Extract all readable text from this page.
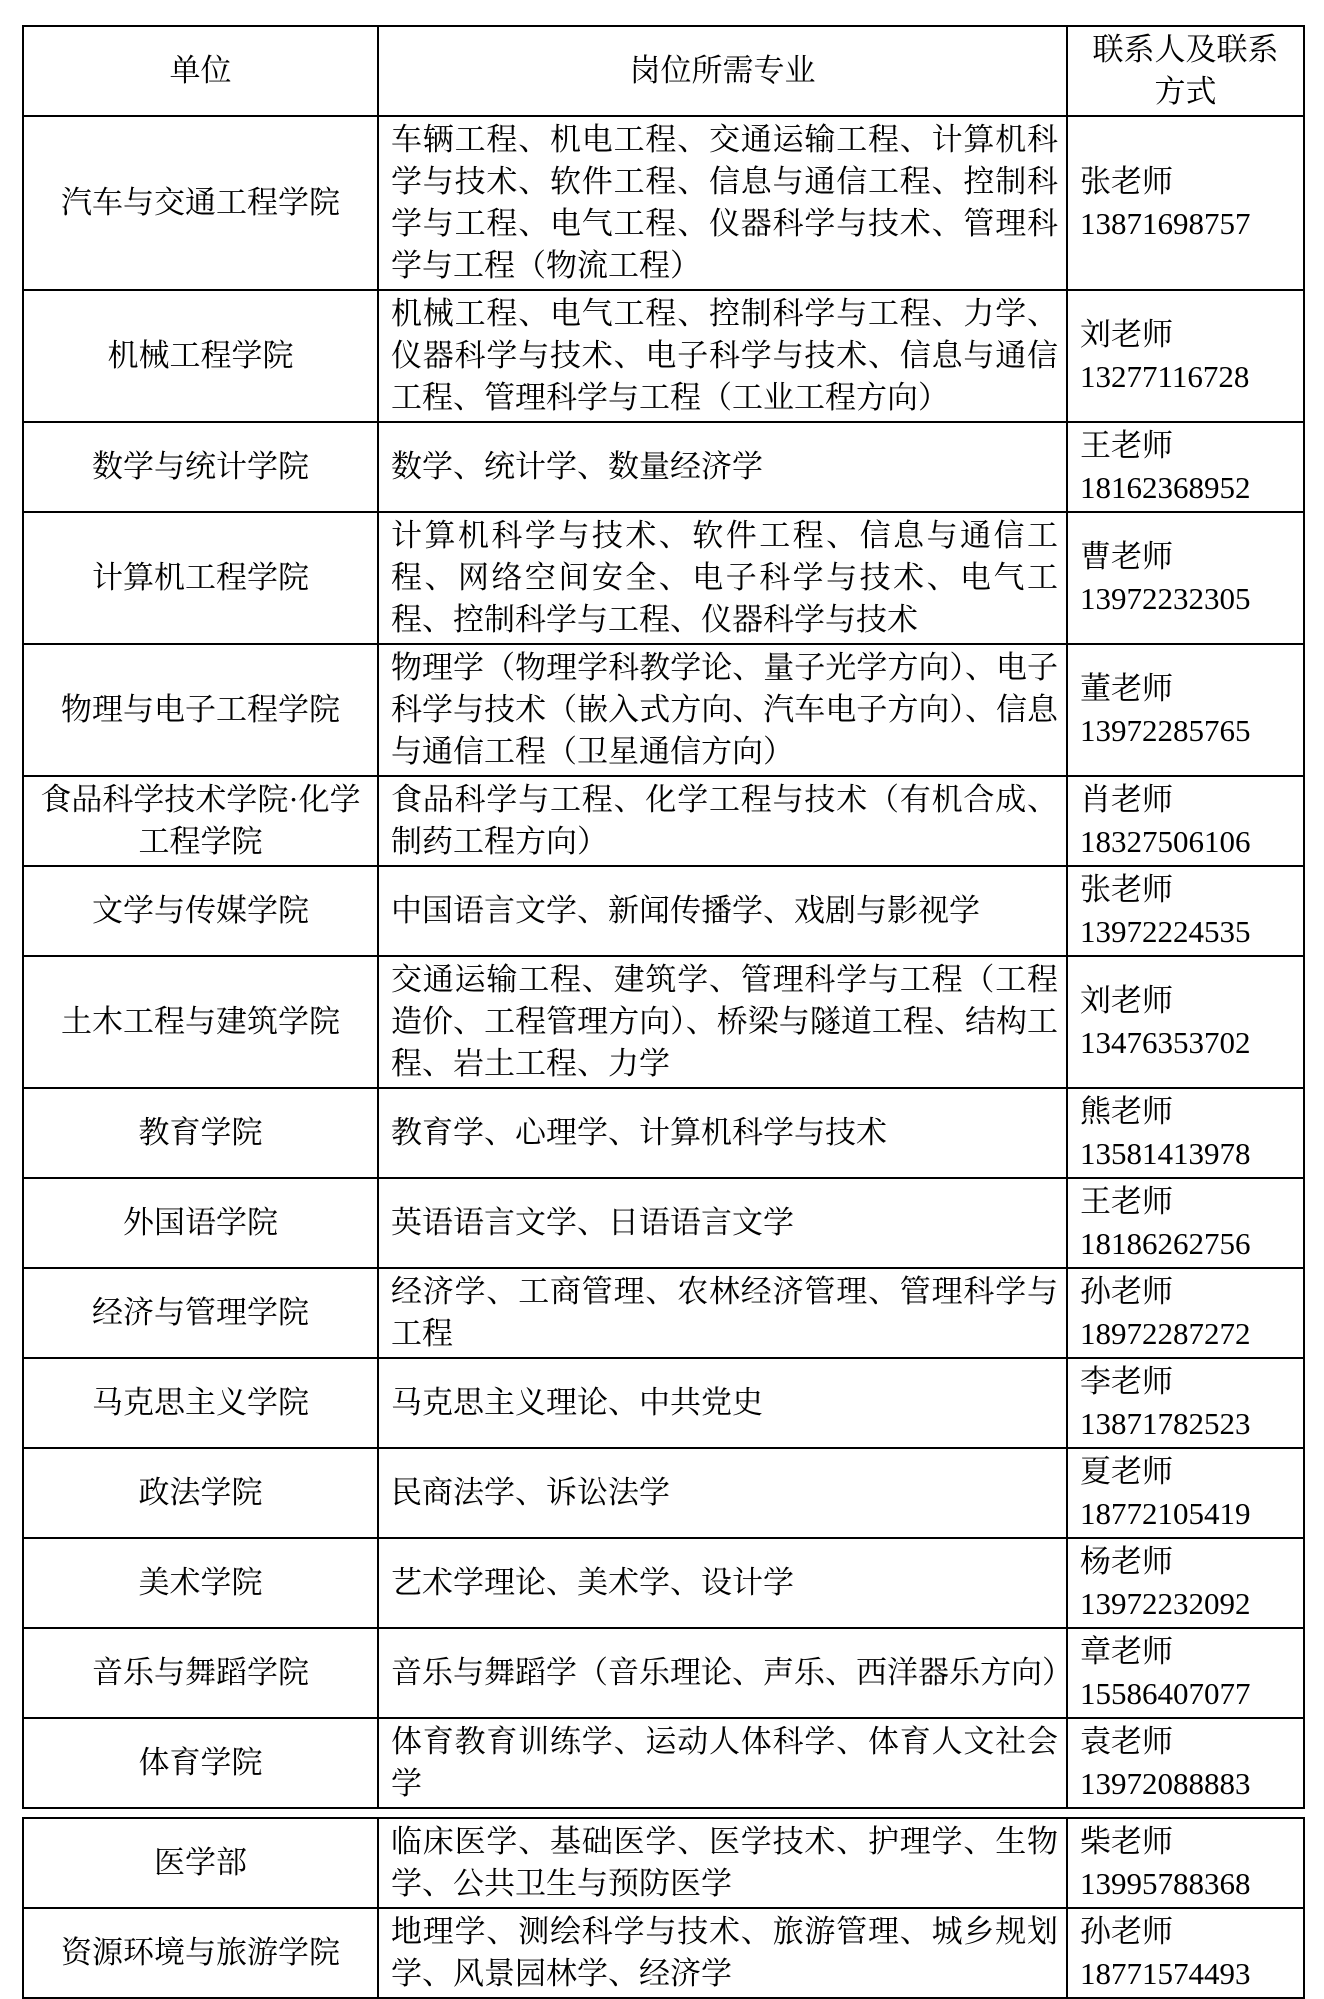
单位	岗位所需专业	联系人及联系方式
汽车与交通工程学院	车辆工程、机电工程、交通运输工程、计算机科学与技术、软件工程、信息与通信工程、控制科学与工程、电气工程、仪器科学与技术、管理科学与工程（物流工程）	张老师
13871698757

机械工程学院	机械工程、电气工程、控制科学与工程、力学、仪器科学与技术、电子科学与技术、信息与通信工程、管理科学与工程（工业工程方向）	刘老师
13277116728

数学与统计学院	数学、统计学、数量经济学	王老师
18162368952

计算机工程学院	计算机科学与技术、软件工程、信息与通信工程、网络空间安全、电子科学与技术、电气工程、控制科学与工程、仪器科学与技术	曹老师
13972232305

物理与电子工程学院	物理学（物理学科教学论、量子光学方向）、电子科学与技术（嵌入式方向、汽车电子方向）、信息与通信工程（卫星通信方向）	董老师
13972285765

食品科学技术学院·化学工程学院	食品科学与工程、化学工程与技术（有机合成、制药工程方向）	肖老师
18327506106

文学与传媒学院	中国语言文学、新闻传播学、戏剧与影视学	张老师
13972224535

土木工程与建筑学院	交通运输工程、建筑学、管理科学与工程（工程造价、工程管理方向）、桥梁与隧道工程、结构工程、岩土工程、力学	刘老师
13476353702

教育学院	教育学、心理学、计算机科学与技术	熊老师
13581413978

外国语学院	英语语言文学、日语语言文学	王老师
18186262756

经济与管理学院	经济学、工商管理、农林经济管理、管理科学与工程	孙老师
18972287272

马克思主义学院	马克思主义理论、中共党史	李老师
13871782523

政法学院	民商法学、诉讼法学	夏老师
18772105419

美术学院	艺术学理论、美术学、设计学	杨老师
13972232092

音乐与舞蹈学院	音乐与舞蹈学（音乐理论、声乐、西洋器乐方向）	章老师
15586407077

体育学院	体育教育训练学、运动人体科学、体育人文社会学	袁老师
13972088883
医学部	临床医学、基础医学、医学技术、护理学、生物学、公共卫生与预防医学	柴老师
13995788368

资源环境与旅游学院	地理学、测绘科学与技术、旅游管理、城乡规划学、风景园林学、经济学	孙老师
18771574493
